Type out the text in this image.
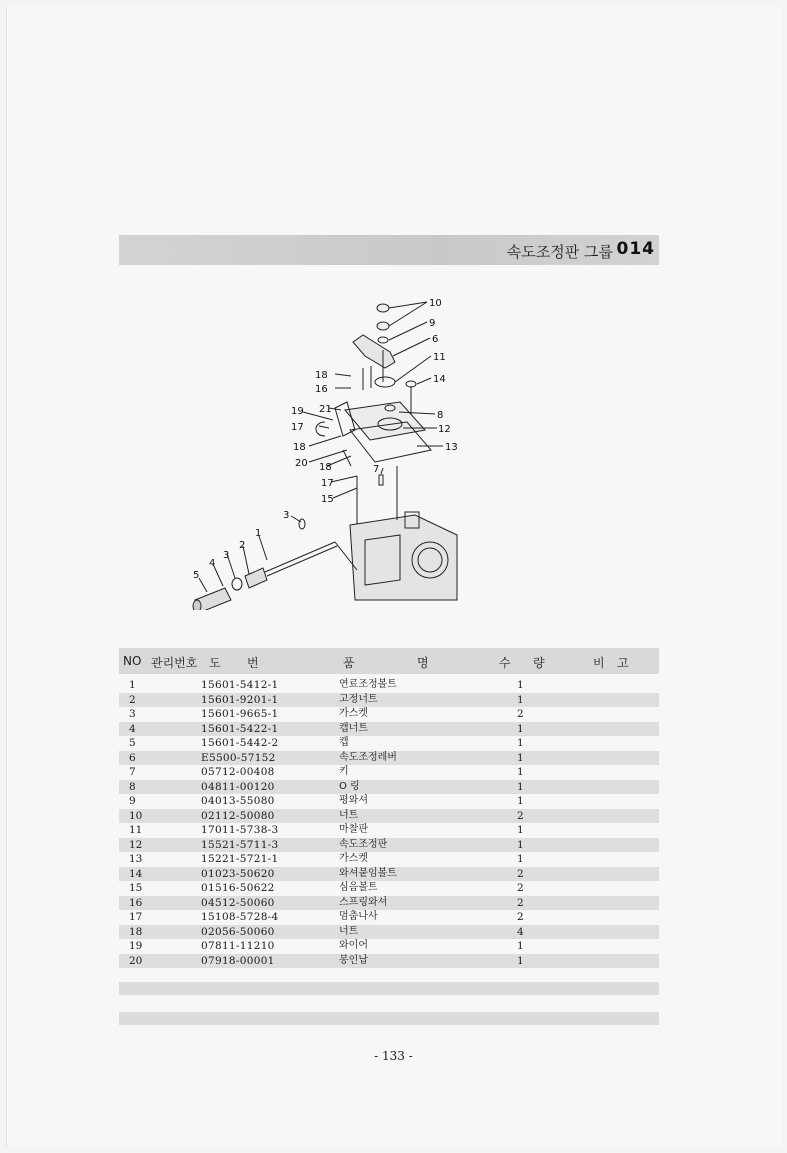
속도조정판 그룹 014
10
9
6
11
14
18
16
19 21
8
17	12
18	13
20 18	7
17
15
3
1
2
3
4
5
NO 관리번호 도 번	품	명	수 량	비 고
1	15601-5412-1	연료조정볼트	1
2	15601-9201-1	고정너트	1
3	15601-9665-1	가스켓	2
4	15601-5422-1	캡너트	1
5	15601-5442-2	캡	1
6	E5500-57152	속도조정레버	1
7	05712-00408	키	1
8	04811-00120	O 링	1
9	04013-55080	평와셔	1
10	02112-50080	너트	2
11	17011-5738-3	마찰판	1
12	15521-5711-3	속도조정판	1
13	15221-5721-1	가스켓	1
14	01023-50620	와셔붙임볼트	2
15	01516-50622	심음볼트	2
16	04512-50060	스프링와셔	2
17	15108-5728-4	멈춤나사	2
18	02056-50060	너트	4
19	07811-11210	와이어	1
20	07918-00001	봉인납	1
- 133 -
